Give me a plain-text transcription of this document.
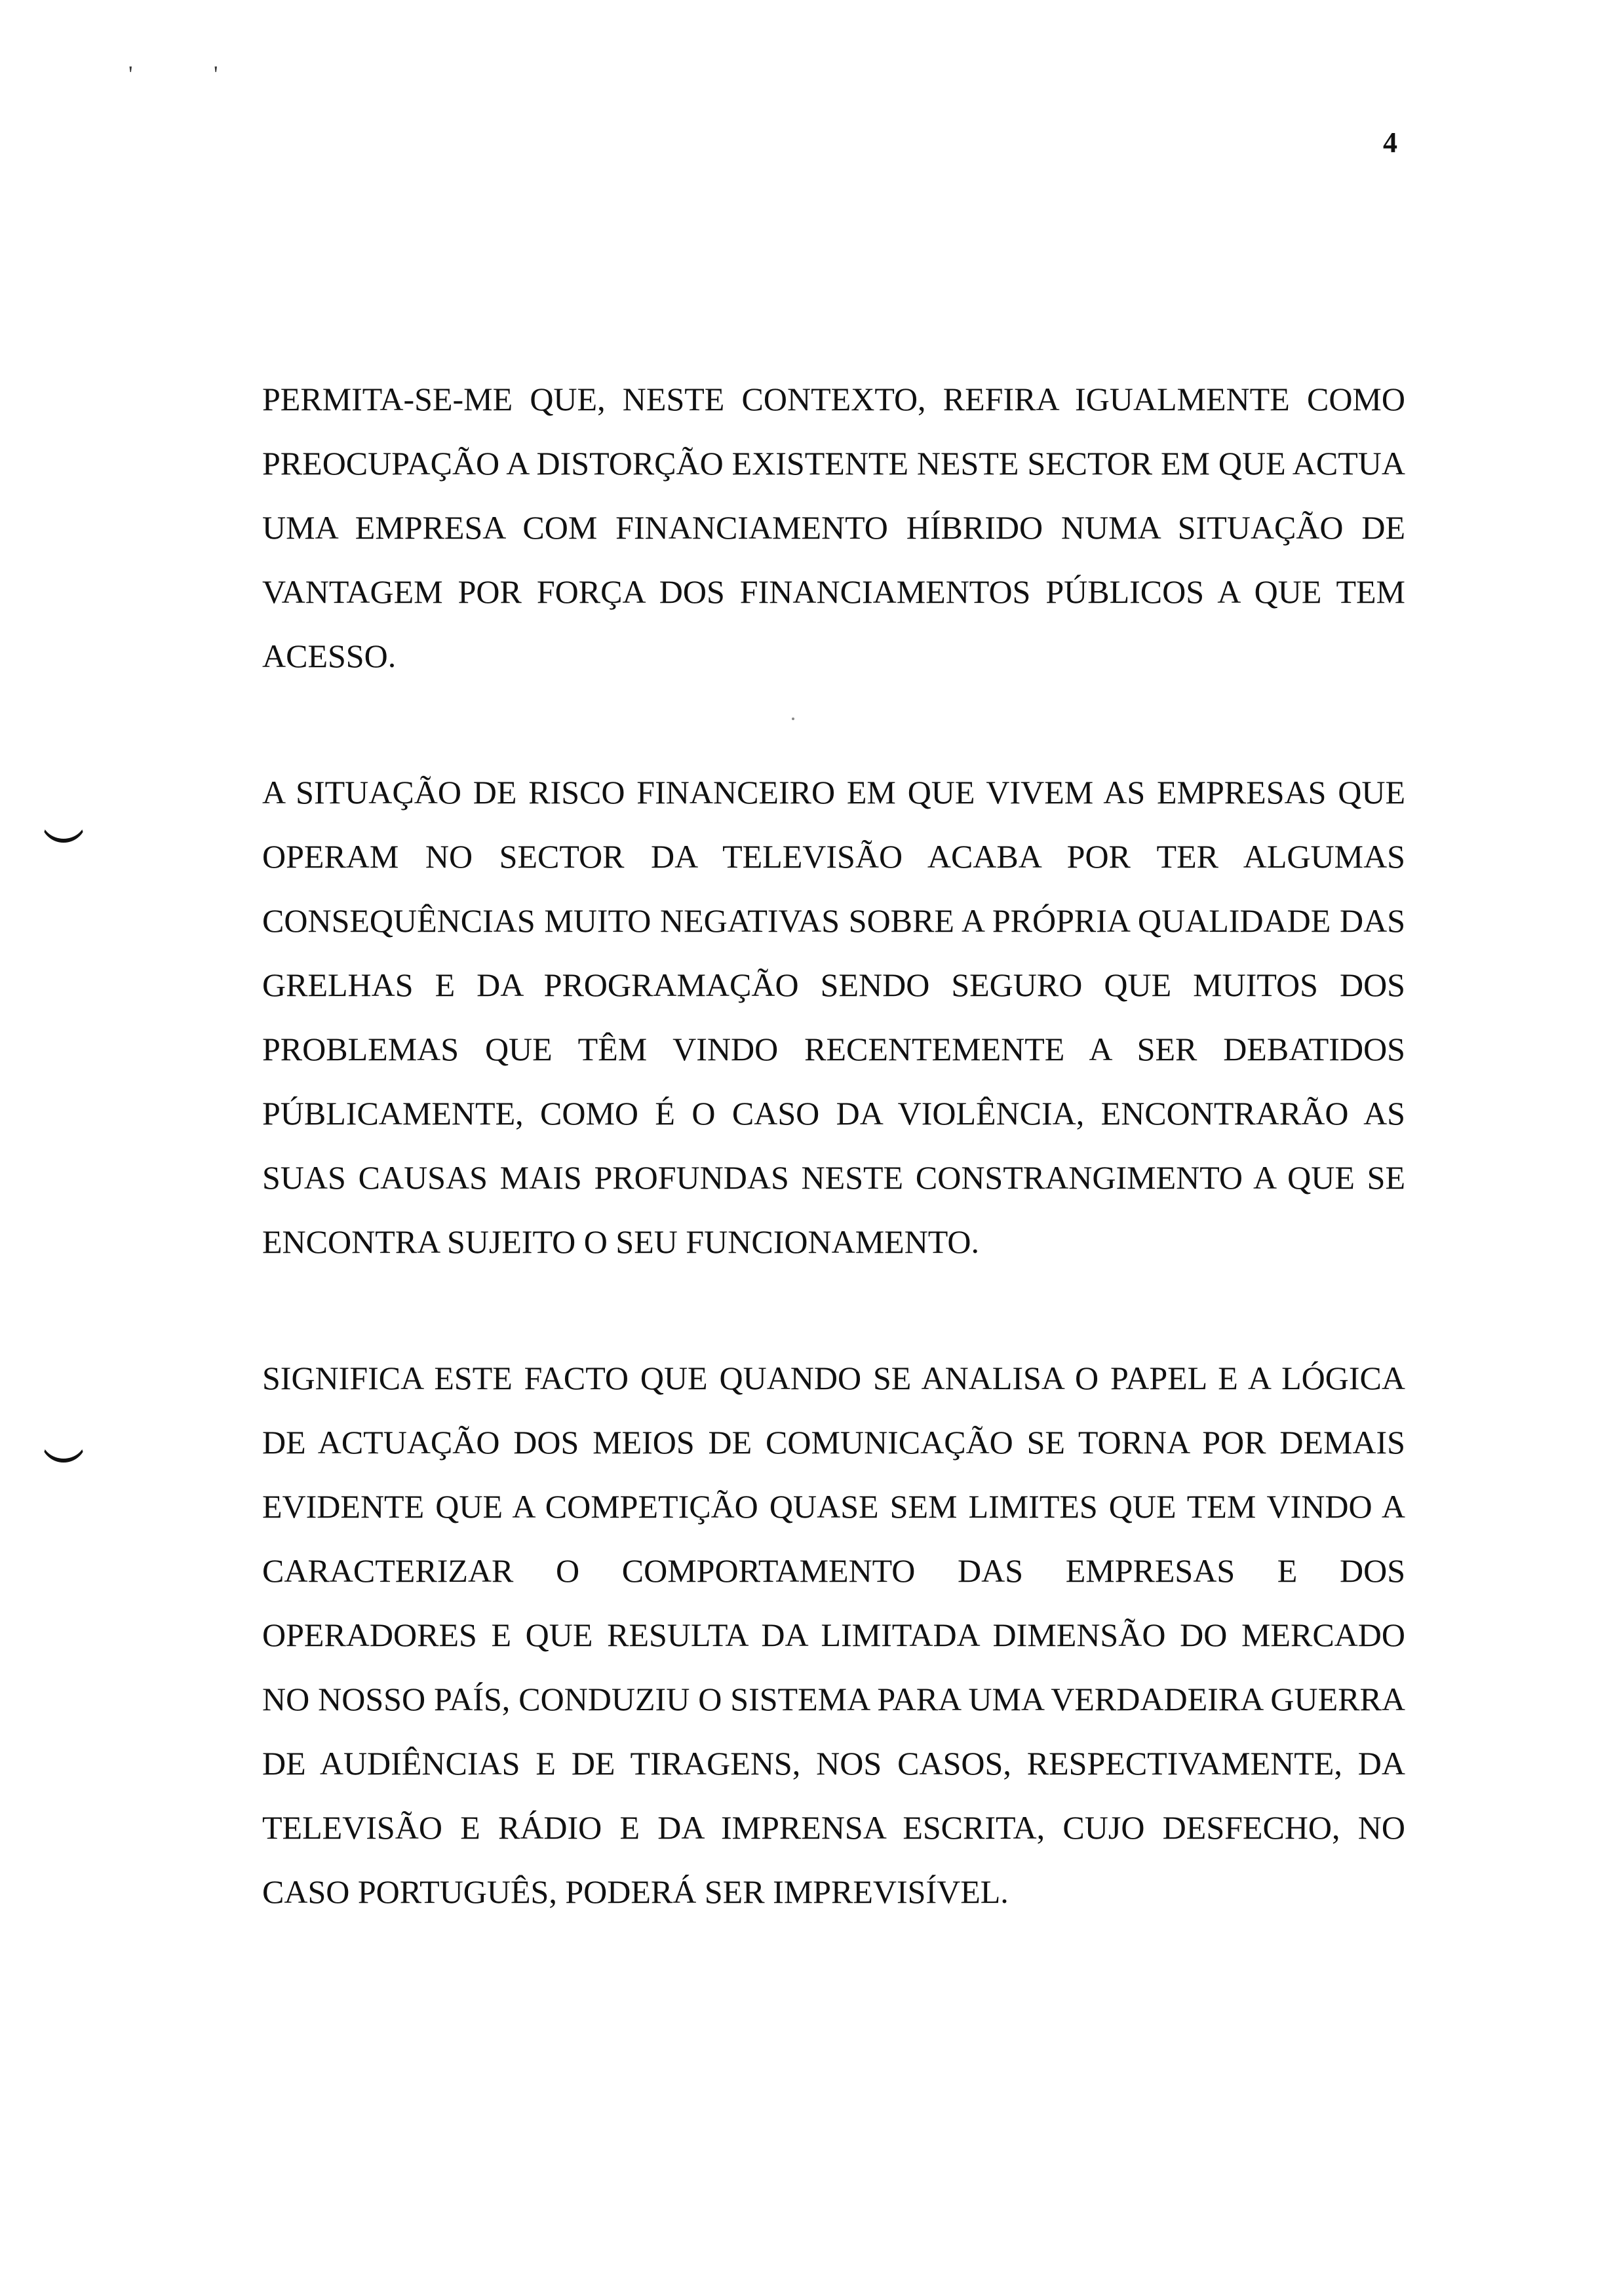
'	'
4

PERMITA-SE-ME QUE, NESTE CONTEXTO, REFIRA IGUALMENTE COMO PREOCUPAÇÃO A DISTORÇÃO EXISTENTE NESTE SECTOR EM QUE ACTUA UMA EMPRESA COM FINANCIAMENTO HÍBRIDO NUMA SITUAÇÃO DE VANTAGEM POR FORÇA DOS FINANCIAMENTOS PÚBLICOS A QUE TEM ACESSO.

A SITUAÇÃO DE RISCO FINANCEIRO EM QUE VIVEM AS EMPRESAS QUE OPERAM NO SECTOR DA TELEVISÃO ACABA POR TER ALGUMAS CONSEQUÊNCIAS MUITO NEGATIVAS SOBRE A PRÓPRIA QUALIDADE DAS GRELHAS E DA PROGRAMAÇÃO SENDO SEGURO QUE MUITOS DOS PROBLEMAS QUE TÊM VINDO RECENTEMENTE A SER DEBATIDOS PÚBLICAMENTE, COMO É O CASO DA VIOLÊNCIA, ENCONTRARÃO AS SUAS CAUSAS MAIS PROFUNDAS NESTE CONSTRANGIMENTO A QUE SE ENCONTRA SUJEITO O SEU FUNCIONAMENTO.

SIGNIFICA ESTE FACTO QUE QUANDO SE ANALISA O PAPEL E A LÓGICA DE ACTUAÇÃO DOS MEIOS DE COMUNICAÇÃO SE TORNA POR DEMAIS EVIDENTE QUE A COMPETIÇÃO QUASE SEM LIMITES QUE TEM VINDO A CARACTERIZAR O COMPORTAMENTO DAS EMPRESAS E DOS OPERADORES E QUE RESULTA DA LIMITADA DIMENSÃO DO MERCADO NO NOSSO PAÍS, CONDUZIU O SISTEMA PARA UMA VERDADEIRA GUERRA DE AUDIÊNCIAS E DE TIRAGENS, NOS CASOS, RESPECTIVAMENTE, DA TELEVISÃO E RÁDIO E DA IMPRENSA ESCRITA, CUJO DESFECHO, NO CASO PORTUGUÊS, PODERÁ SER IMPREVISÍVEL.
